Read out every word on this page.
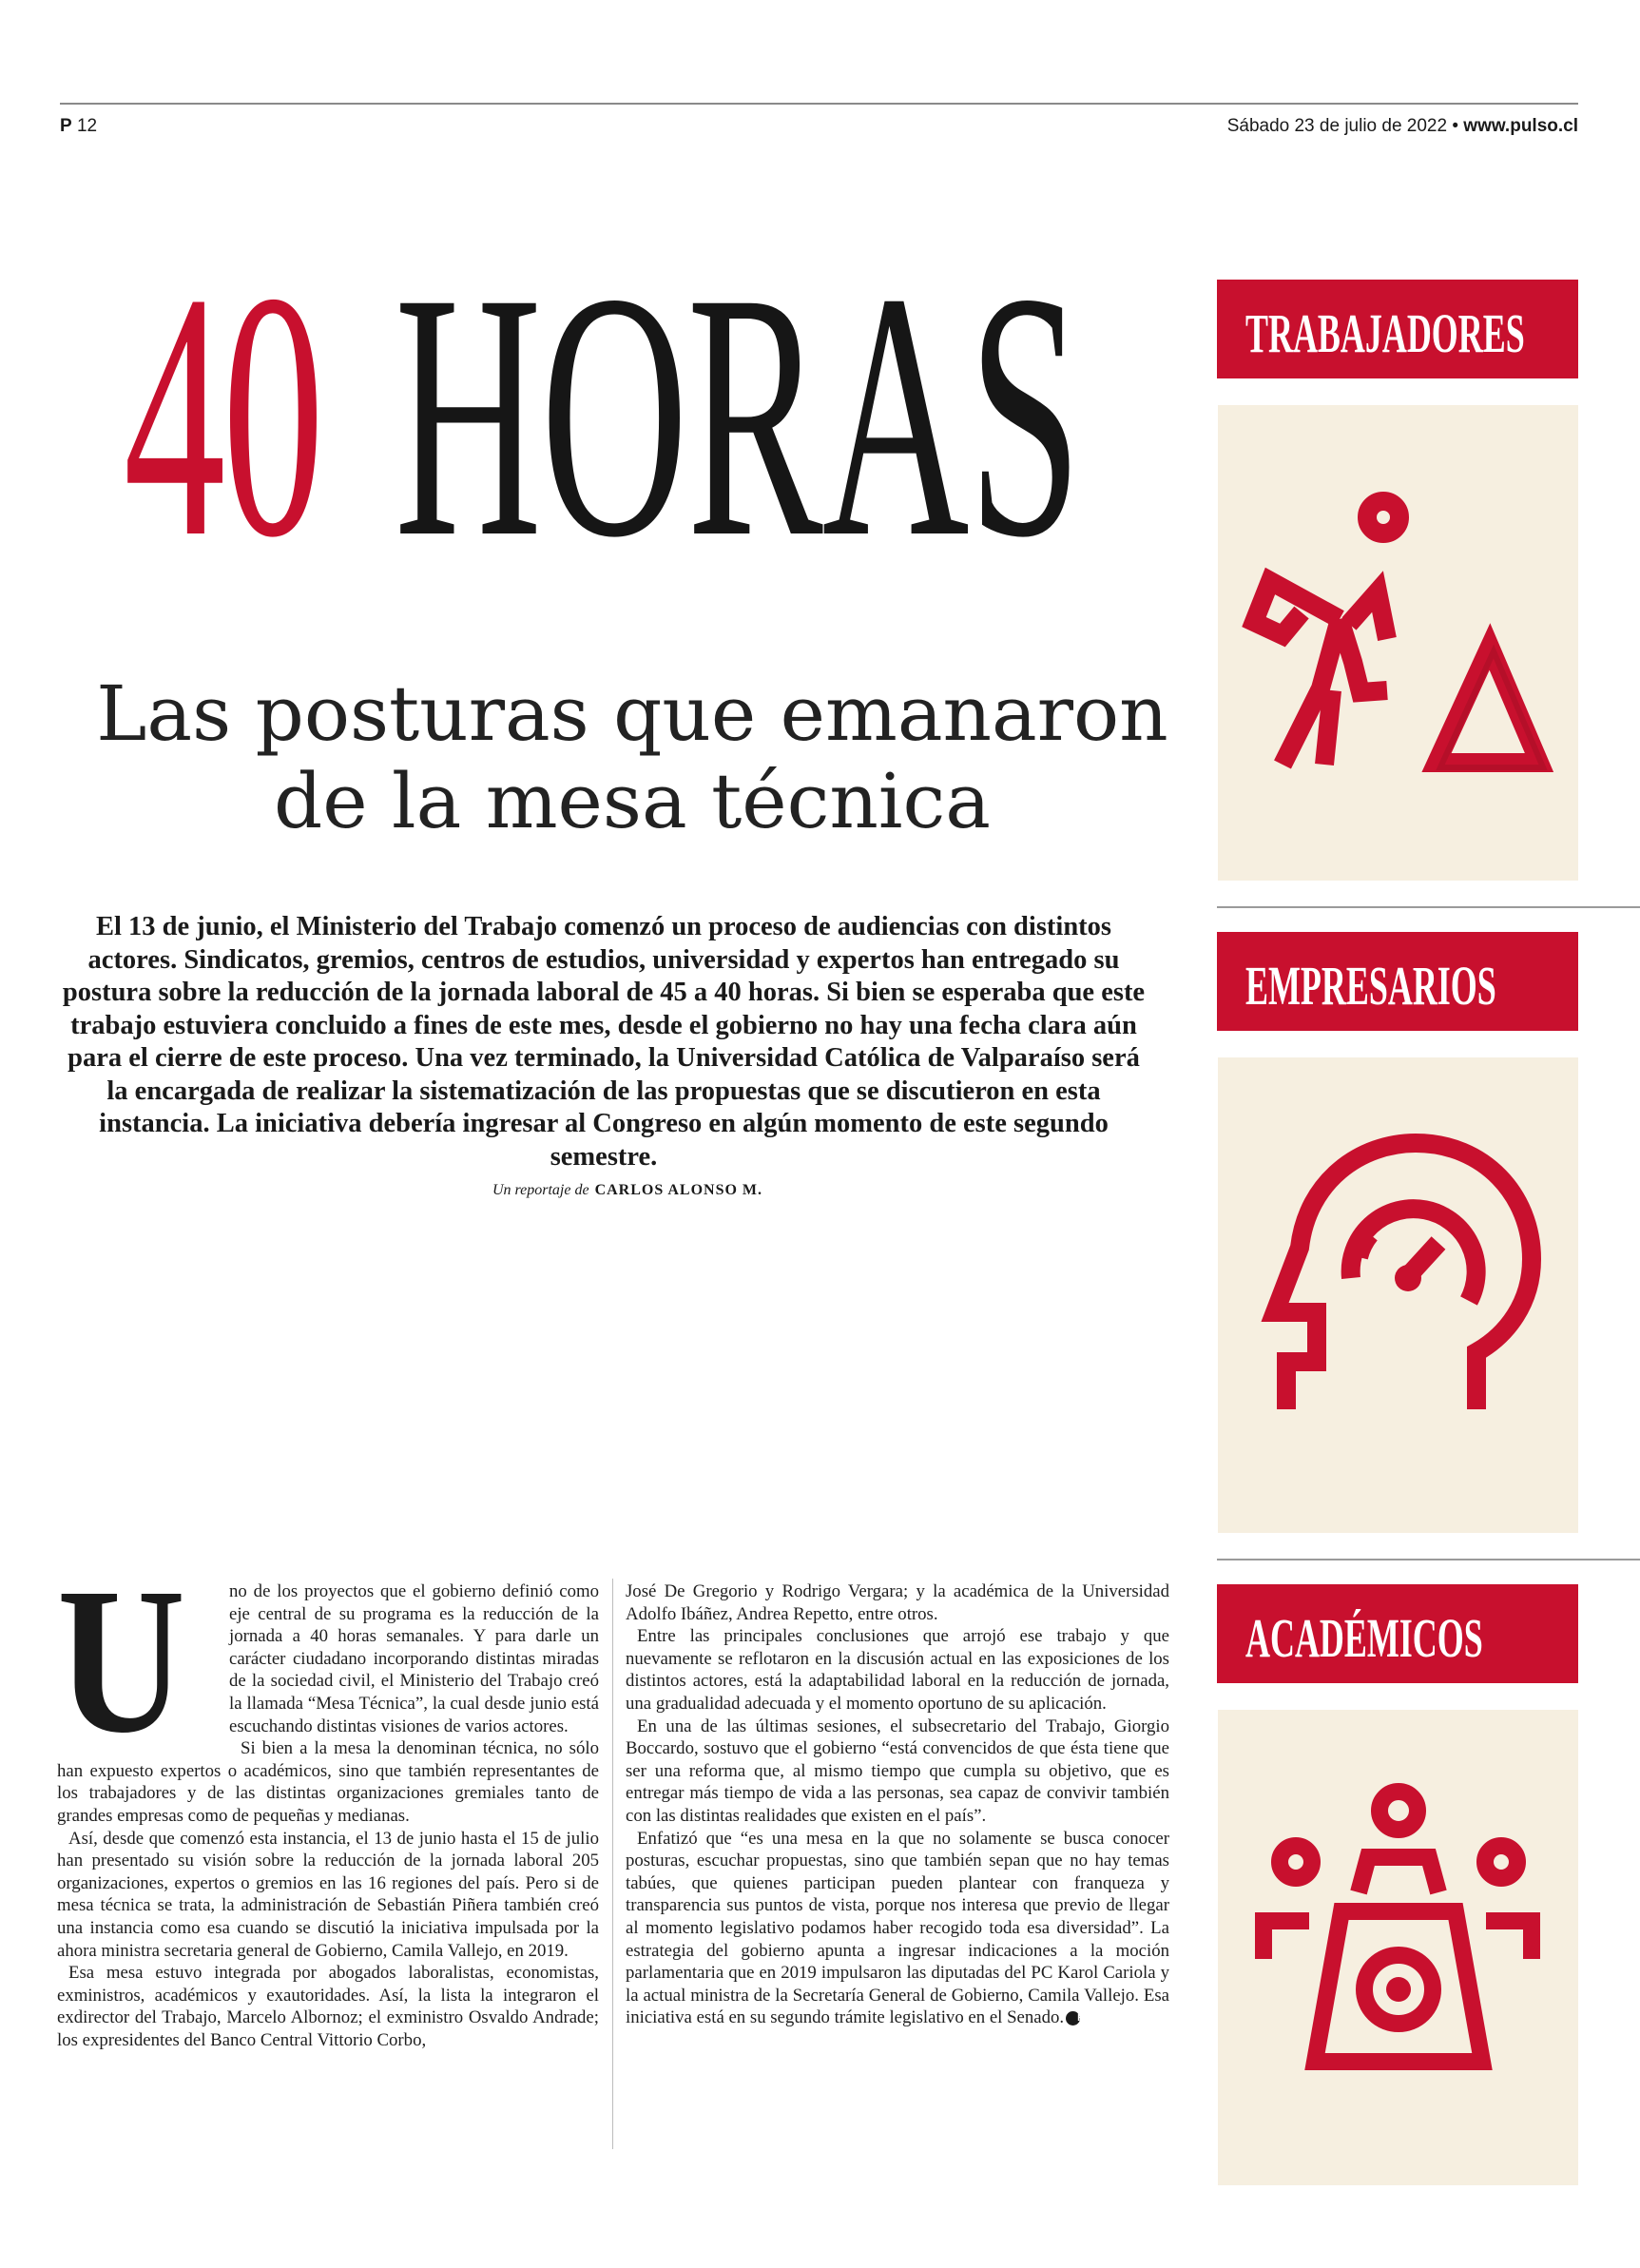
P 12	Sábado 23 de julio de 2022 • www.pulso.cl
40 HORAS
Las posturas que emanaron
de la mesa técnica
El 13 de junio, el Ministerio del Trabajo comenzó un proceso de audiencias con distintos actores. Sindicatos, gremios, centros de estudios, universidad y expertos han entregado su postura sobre la reducción de la jornada laboral de 45 a 40 horas. Si bien se esperaba que este trabajo estuviera concluido a fines de este mes, desde el gobierno no hay una fecha clara aún para el cierre de este proceso. Una vez terminado, la Universidad Católica de Valparaíso será la encargada de realizar la sistematización de las propuestas que se discutieron en esta instancia. La iniciativa debería ingresar al Congreso en algún momento de este segundo semestre.
Un reportaje de CARLOS ALONSO M.
U	no de los proyectos que el gobierno definió como eje central de su programa es la reducción de la jornada a 40 horas semanales. Y para darle un carácter ciudadano incorporando distintas miradas de la sociedad civil, el Ministerio del Trabajo creó la llamada “Mesa Técnica”, la cual desde junio está escuchando distintas visiones de varios actores.

Si bien a la mesa la denominan técnica, no sólo han expuesto expertos o académicos, sino que también representantes de los trabajadores y de las distintas organizaciones gremiales tanto de grandes empresas como de pequeñas y medianas.

Así, desde que comenzó esta instancia, el 13 de junio hasta el 15 de julio han presentado su visión sobre la reducción de la jornada laboral 205 organizaciones, expertos o gremios en las 16 regiones del país. Pero si de mesa técnica se trata, la administración de Sebastián Piñera también creó una instancia como esa cuando se discutió la iniciativa impulsada por la ahora ministra secretaria general de Gobierno, Camila Vallejo, en 2019.

Esa mesa estuvo integrada por abogados laboralistas, economistas, exministros, académicos y exautoridades. Así, la lista la integraron el exdirector del Trabajo, Marcelo Albornoz; el exministro Osvaldo Andrade; los expresidentes del Banco Central Vittorio Corbo,

José De Gregorio y Rodrigo Vergara; y la académica de la Universidad Adolfo Ibáñez, Andrea Repetto, entre otros.

Entre las principales conclusiones que arrojó ese trabajo y que nuevamente se reflotaron en la discusión actual en las exposiciones de los distintos actores, está la adaptabilidad laboral en la reducción de jornada, una gradualidad adecuada y el momento oportuno de su aplicación.

En una de las últimas sesiones, el subsecretario del Trabajo, Giorgio Boccardo, sostuvo que el gobierno “está convencidos de que ésta tiene que ser una reforma que, al mismo tiempo que cumpla su objetivo, que es entregar más tiempo de vida a las personas, sea capaz de convivir también con las distintas realidades que existen en el país”.

Enfatizó que “es una mesa en la que no solamente se busca conocer posturas, escuchar propuestas, sino que también sepan que no hay temas tabúes, que quienes participan pueden plantear con franqueza y transparencia sus puntos de vista, porque nos interesa que previo de llegar al momento legislativo podamos haber recogido toda esa diversidad”. La estrategia del gobierno apunta a ingresar indicaciones a la moción parlamentaria que en 2019 impulsaron las diputadas del PC Karol Cariola y la actual ministra de la Secretaría General de Gobierno, Camila Vallejo. Esa iniciativa está en su segundo trámite legislativo en el Senado. P

TRABAJADORES
EMPRESARIOS
ACADÉMICOS
